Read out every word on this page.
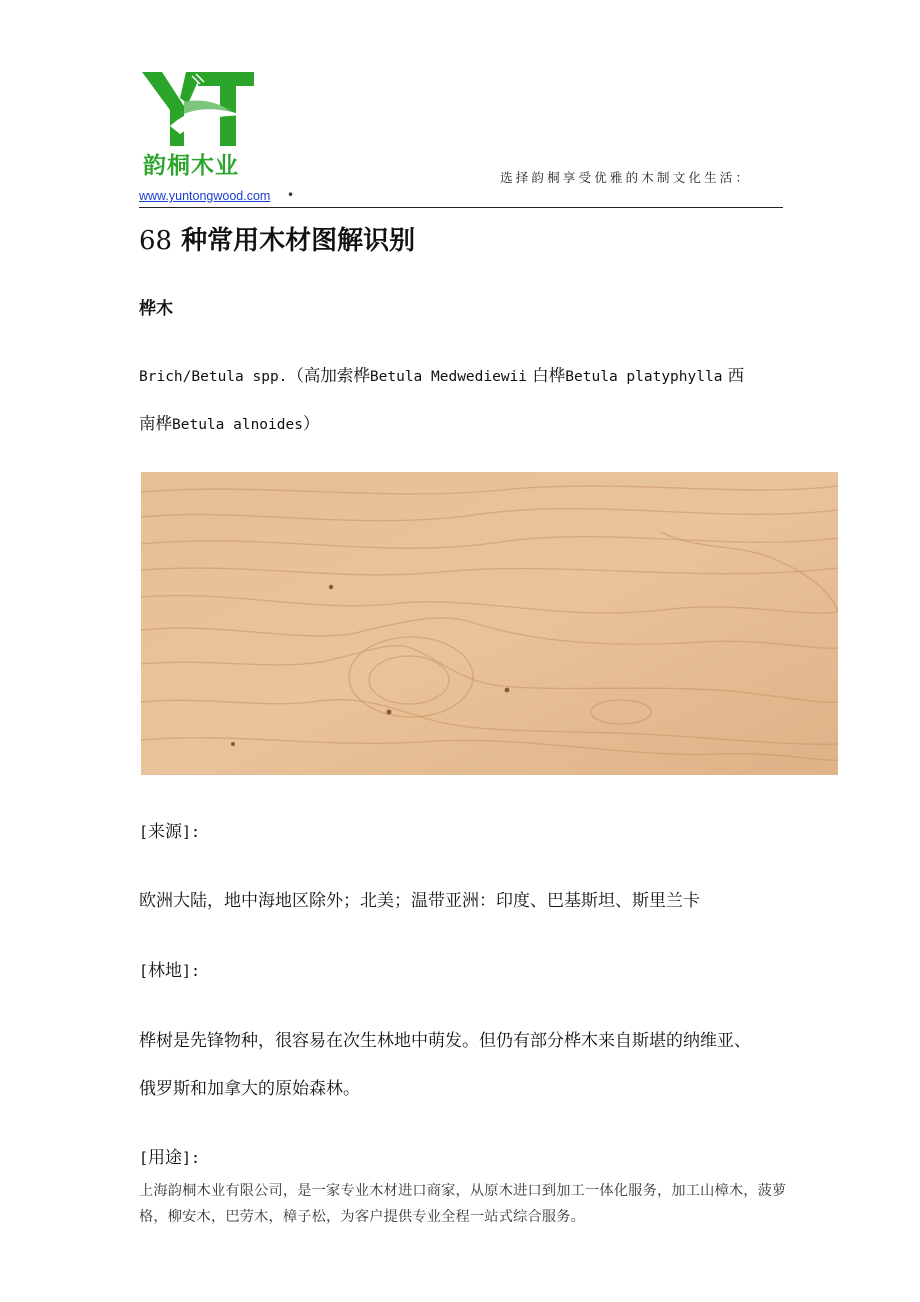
韵桐木业
www.yuntongwood.com •
选择韵桐享受优雅的木制文化生活：
68 种常用木材图解识别
桦木

Brich/Betula spp.（高加索桦Betula Medwediewii 白桦Betula platyphylla 西

南桦Betula alnoides）

[来源]:

欧洲大陆，地中海地区除外；北美；温带亚洲：印度、巴基斯坦、斯里兰卡

[林地]:

桦树是先锋物种，很容易在次生林地中萌发。但仍有部分桦木来自斯堪的纳维亚、

俄罗斯和加拿大的原始森林。

[用途]:

上海韵桐木业有限公司，是一家专业木材进口商家，从原木进口到加工一体化服务，加工山樟木，菠萝格，柳安木，巴劳木，樟子松，为客户提供专业全程一站式综合服务。
